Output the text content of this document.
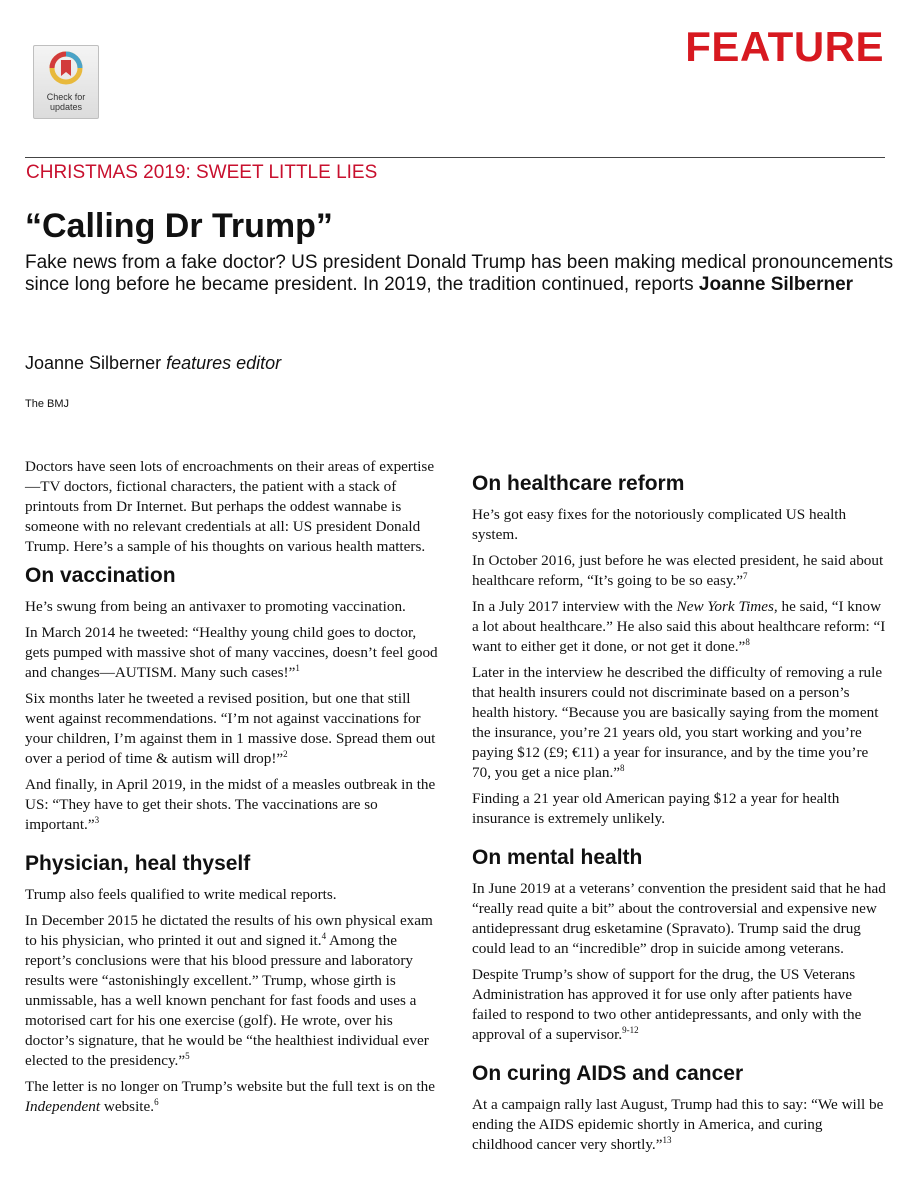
Check for
updates
FEATURE
CHRISTMAS 2019: SWEET LITTLE LIES
“Calling Dr Trump”
Fake news from a fake doctor? US president Donald Trump has been making medical pronouncements since long before he became president. In 2019, the tradition continued, reports Joanne Silberner
Joanne Silberner features editor
The BMJ

Doctors have seen lots of encroachments on their areas of expertise—TV doctors, fictional characters, the patient with a stack of printouts from Dr Internet. But perhaps the oddest wannabe is someone with no relevant credentials at all: US president Donald Trump. Here’s a sample of his thoughts on various health matters.

On vaccination

He’s swung from being an antivaxer to promoting vaccination.

In March 2014 he tweeted: “Healthy young child goes to doctor, gets pumped with massive shot of many vaccines, doesn’t feel good and changes—AUTISM. Many such cases!”$^1$

Six months later he tweeted a revised position, but one that still went against recommendations. “I’m not against vaccinations for your children, I’m against them in 1 massive dose. Spread them out over a period of time & autism will drop!”$^2$

And finally, in April 2019, in the midst of a measles outbreak in the US: “They have to get their shots. The vaccinations are so important.”$^3$

Physician, heal thyself

Trump also feels qualified to write medical reports.

In December 2015 he dictated the results of his own physical exam to his physician, who printed it out and signed it.$^4$ Among the report’s conclusions were that his blood pressure and laboratory results were “astonishingly excellent.” Trump, whose girth is unmissable, has a well known penchant for fast foods and uses a motorised cart for his one exercise (golf). He wrote, over his doctor’s signature, that he would be “the healthiest individual ever elected to the presidency.”$^5$

The letter is no longer on Trump’s website but the full text is on the Independent website.$^6$

On healthcare reform

He’s got easy fixes for the notoriously complicated US health system.

In October 2016, just before he was elected president, he said about healthcare reform, “It’s going to be so easy.”$^7$

In a July 2017 interview with the New York Times, he said, “I know a lot about healthcare.” He also said this about healthcare reform: “I want to either get it done, or not get it done.”$^8$

Later in the interview he described the difficulty of removing a rule that health insurers could not discriminate based on a person’s health history. “Because you are basically saying from the moment the insurance, you’re 21 years old, you start working and you’re paying $12 (£9; €11) a year for insurance, and by the time you’re 70, you get a nice plan.”$^8$

Finding a 21 year old American paying $12 a year for health insurance is extremely unlikely.

On mental health

In June 2019 at a veterans’ convention the president said that he had “really read quite a bit” about the controversial and expensive new antidepressant drug esketamine (Spravato). Trump said the drug could lead to an “incredible” drop in suicide among veterans.

Despite Trump’s show of support for the drug, the US Veterans Administration has approved it for use only after patients have failed to respond to two other antidepressants, and only with the approval of a supervisor.$^{9-12}$

On curing AIDS and cancer

At a campaign rally last August, Trump had this to say: “We will be ending the AIDS epidemic shortly in America, and curing childhood cancer very shortly.”$^{13}$
